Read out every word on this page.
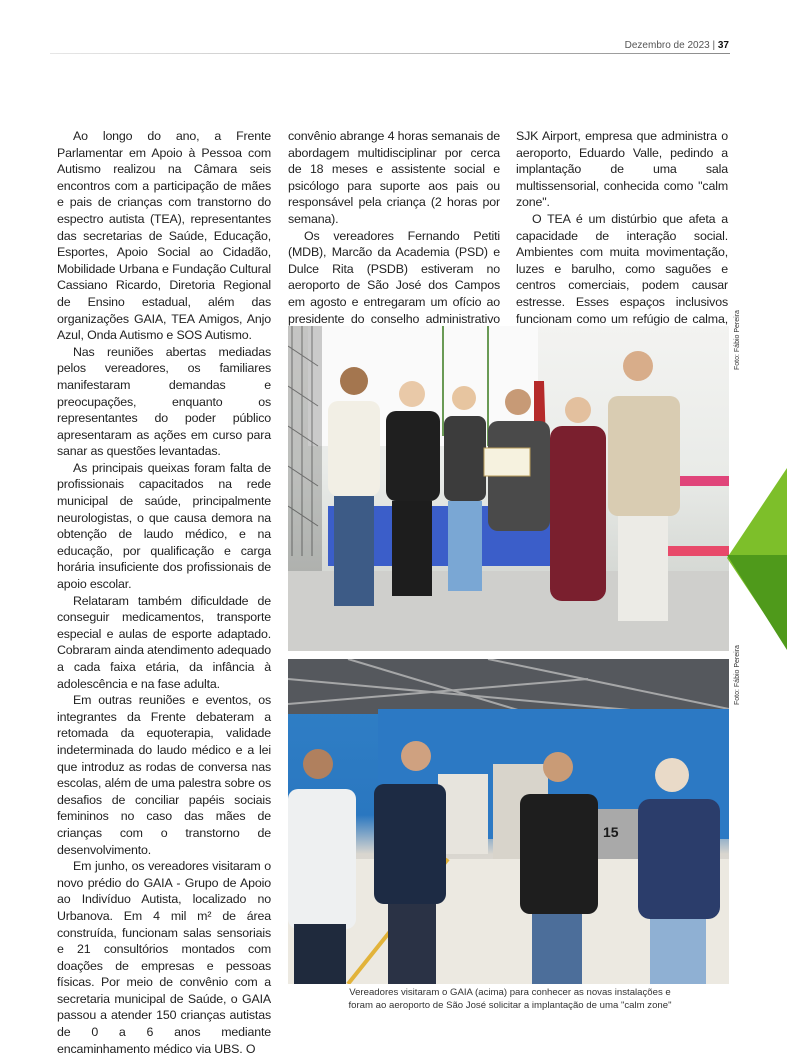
Dezembro de 2023 | 37

Ao longo do ano, a Frente Parlamentar em Apoio à Pessoa com Autismo realizou na Câmara seis encontros com a participação de mães e pais de crianças com transtorno do espectro autista (TEA), representantes das secretarias de Saúde, Educação, Esportes, Apoio Social ao Cidadão, Mobilidade Urbana e Fundação Cultural Cassiano Ricardo, Diretoria Regional de Ensino estadual, além das organizações GAIA, TEA Amigos, Anjo Azul, Onda Autismo e SOS Autismo.

Nas reuniões abertas mediadas pelos vereadores, os familiares manifestaram demandas e preocupações, enquanto os representantes do poder público apresentaram as ações em curso para sanar as questões levantadas.

As principais queixas foram falta de profissionais capacitados na rede municipal de saúde, principalmente neurologistas, o que causa demora na obtenção de laudo médico, e na educação, por qualificação e carga horária insuficiente dos profissionais de apoio escolar.

Relataram também dificuldade de conseguir medicamentos, transporte especial e aulas de esporte adaptado. Cobraram ainda atendimento adequado a cada faixa etária, da infância à adolescência e na fase adulta.

Em outras reuniões e eventos, os integrantes da Frente debateram a retomada da equoterapia, validade indeterminada do laudo médico e a lei que introduz as rodas de conversa nas escolas, além de uma palestra sobre os desafios de conciliar papéis sociais femininos no caso das mães de crianças com o transtorno de desenvolvimento.

Em junho, os vereadores visitaram o novo prédio do GAIA - Grupo de Apoio ao Indivíduo Autista, localizado no Urbanova. Em 4 mil m² de área construída, funcionam salas sensoriais e 21 consultórios montados com doações de empresas e pessoas físicas. Por meio de convênio com a secretaria municipal de Saúde, o GAIA passou a atender 150 crianças autistas de 0 a 6 anos mediante encaminhamento médico via UBS. O

convênio abrange 4 horas semanais de abordagem multidisciplinar por cerca de 18 meses e assistente social e psicólogo para suporte aos pais ou responsável pela criança (2 horas por semana).

Os vereadores Fernando Petiti (MDB), Marcão da Academia (PSD) e Dulce Rita (PSDB) estiveram no aeroporto de São José dos Campos em agosto e entregaram um ofício ao presidente do conselho administrativo

SJK Airport, empresa que administra o aeroporto, Eduardo Valle, pedindo a implantação de uma sala multissensorial, conhecida como "calm zone".

O TEA é um distúrbio que afeta a capacidade de interação social. Ambientes com muita movimentação, luzes e barulho, como saguões e centros comerciais, podem causar estresse. Esses espaços inclusivos funcionam como um refúgio de calma, Foto: Fábio Pereira
15
Foto: Fábio Pereira
Vereadores visitaram o GAIA (acima) para conhecer as novas instalações e
foram ao aeroporto de São José solicitar a implantação de uma "calm zone"
